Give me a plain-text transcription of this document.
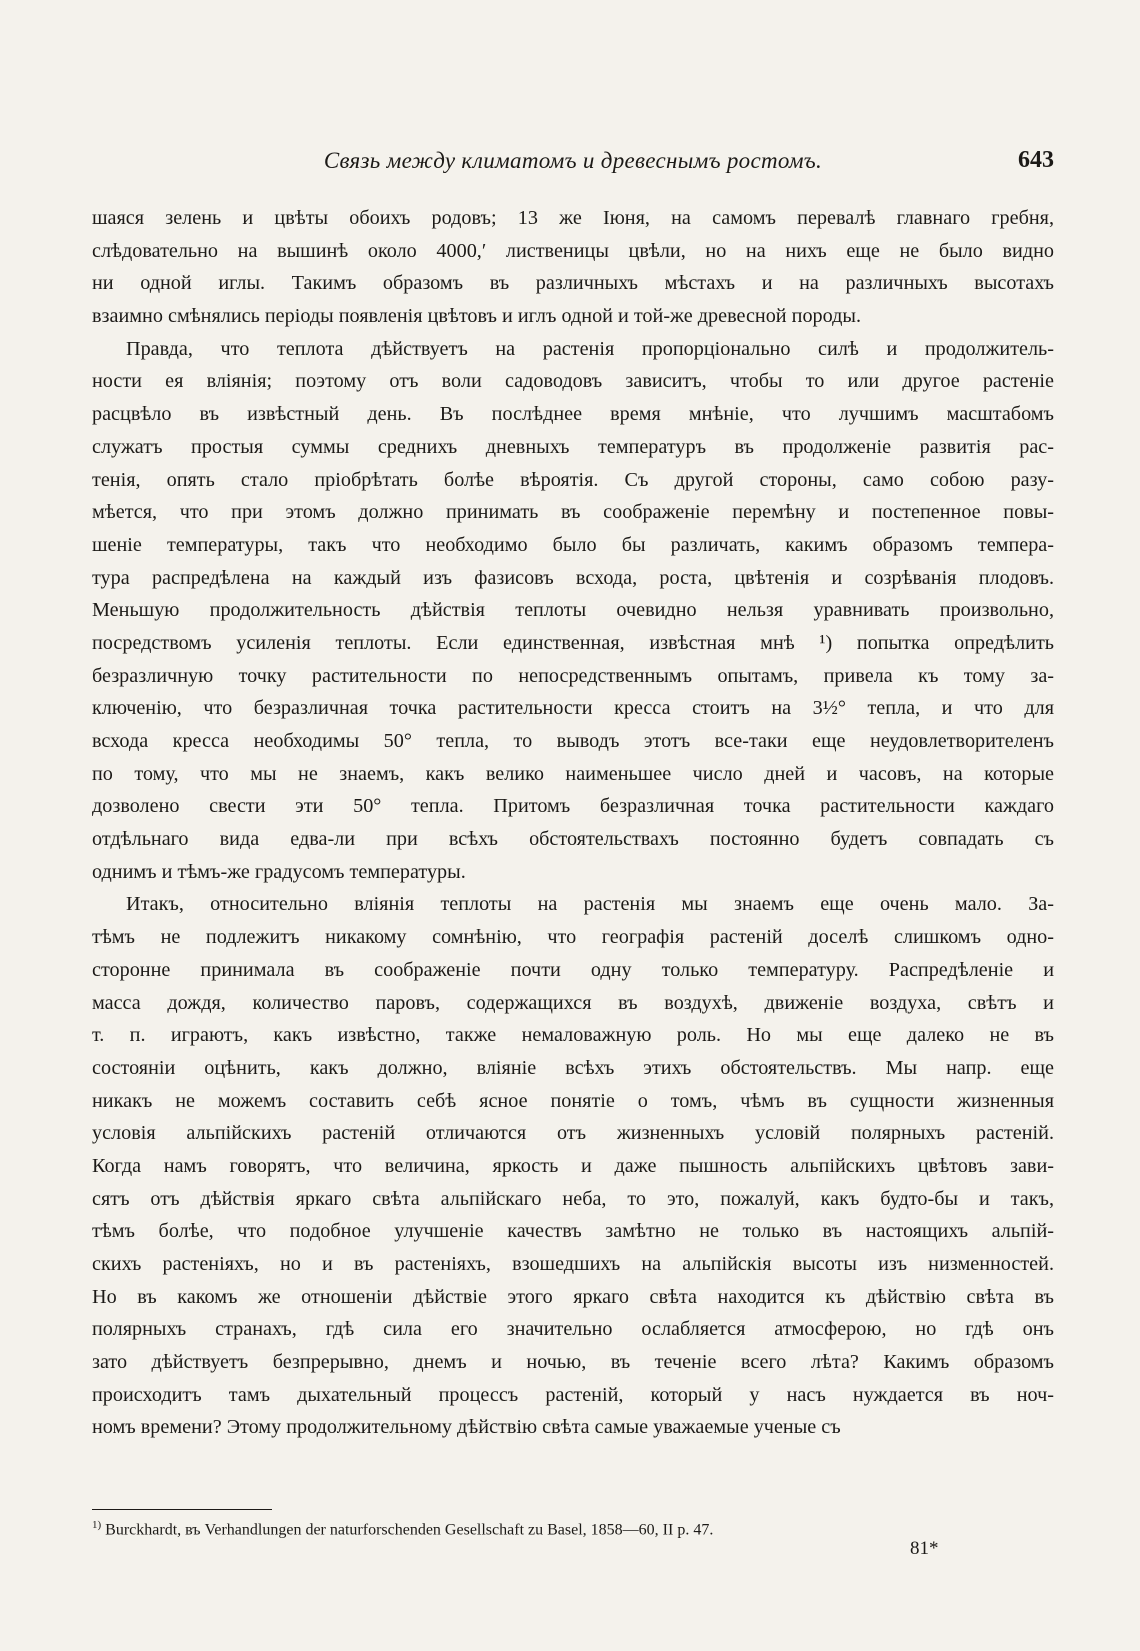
Связь между климатомъ и древеснымъ ростомъ.	643
шаяся зелень и цвѣты обоихъ родовъ; 13 же Іюня, на самомъ перевалѣ главнаго гребня,
слѣдовательно на вышинѣ около 4000,′ лиственицы цвѣли, но на нихъ еще не было видно
ни одной иглы. Такимъ образомъ въ различныхъ мѣстахъ и на различныхъ высотахъ
взаимно смѣнялись періоды появленія цвѣтовъ и иглъ одной и той-же древесной породы.
Правда, что теплота дѣйствуетъ на растенія пропорціонально силѣ и продолжитель-
ности ея вліянія; поэтому отъ воли садоводовъ зависитъ, чтобы то или другое растеніе
расцвѣло въ извѣстный день. Въ послѣднее время мнѣніе, что лучшимъ масштабомъ
служатъ простыя суммы среднихъ дневныхъ температуръ въ продолженіе развитія рас-
тенія, опять стало пріобрѣтать болѣе вѣроятія. Съ другой стороны, само собою разу-
мѣется, что при этомъ должно принимать въ соображеніе перемѣну и постепенное повы-
шеніе температуры, такъ что необходимо было бы различать, какимъ образомъ темпера-
тура распредѣлена на каждый изъ фазисовъ всхода, роста, цвѣтенія и созрѣванія плодовъ.
Меньшую продолжительность дѣйствія теплоты очевидно нельзя уравнивать произвольно,
посредствомъ усиленія теплоты. Если единственная, извѣстная мнѣ ¹) попытка опредѣлить
безразличную точку растительности по непосредственнымъ опытамъ, привела къ тому за-
ключенію, что безразличная точка растительности кресса стоитъ на 3½° тепла, и что для
всхода кресса необходимы 50° тепла, то выводъ этотъ все-таки еще неудовлетворителенъ
по тому, что мы не знаемъ, какъ велико наименьшее число дней и часовъ, на которые
дозволено свести эти 50° тепла. Притомъ безразличная точка растительности каждаго
отдѣльнаго вида едва-ли при всѣхъ обстоятельствахъ постоянно будетъ совпадать съ
однимъ и тѣмъ-же градусомъ температуры.
Итакъ, относительно вліянія теплоты на растенія мы знаемъ еще очень мало. За-
тѣмъ не подлежитъ никакому сомнѣнію, что географія растеній доселѣ слишкомъ одно-
сторонне принимала въ соображеніе почти одну только температуру. Распредѣленіе и
масса дождя, количество паровъ, содержащихся въ воздухѣ, движеніе воздуха, свѣтъ и
т. п. играютъ, какъ извѣстно, также немаловажную роль. Но мы еще далеко не въ
состояніи оцѣнить, какъ должно, вліяніе всѣхъ этихъ обстоятельствъ. Мы напр. еще
никакъ не можемъ составить себѣ ясное понятіе о томъ, чѣмъ въ сущности жизненныя
условія альпійскихъ растеній отличаются отъ жизненныхъ условій полярныхъ растеній.
Когда намъ говорятъ, что величина, яркость и даже пышность альпійскихъ цвѣтовъ зави-
сятъ отъ дѣйствія яркаго свѣта альпійскаго неба, то это, пожалуй, какъ будто-бы и такъ,
тѣмъ болѣе, что подобное улучшеніе качествъ замѣтно не только въ настоящихъ альпій-
скихъ растеніяхъ, но и въ растеніяхъ, взошедшихъ на альпійскія высоты изъ низменностей.
Но въ какомъ же отношеніи дѣйствіе этого яркаго свѣта находится къ дѣйствію свѣта въ
полярныхъ странахъ, гдѣ сила его значительно ослабляется атмосферою, но гдѣ онъ
зато дѣйствуетъ безпрерывно, днемъ и ночью, въ теченіе всего лѣта? Какимъ образомъ
происходитъ тамъ дыхательный процессъ растеній, который у насъ нуждается въ ноч-
номъ времени? Этому продолжительному дѣйствію свѣта самые уважаемые ученые съ
$^{1)}$ Burckhardt, въ Verhandlungen der naturforschenden Gesellschaft zu Basel, 1858—60, II p. 47.
81*
